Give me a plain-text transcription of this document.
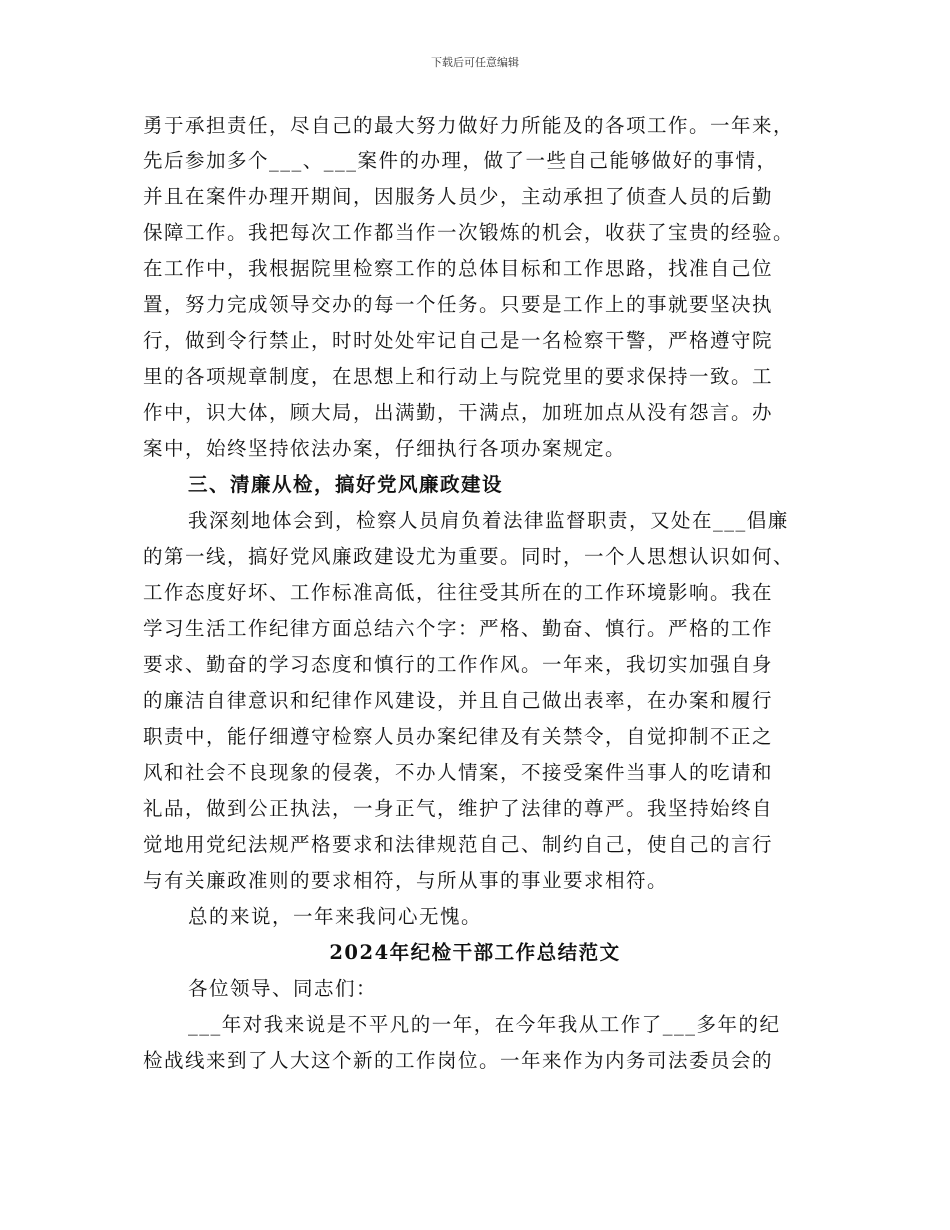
下载后可任意编辑
勇于承担责任，尽自己的最大努力做好力所能及的各项工作。一年来，
先后参加多个___、___案件的办理，做了一些自己能够做好的事情，
并且在案件办理开期间，因服务人员少，主动承担了侦查人员的后勤
保障工作。我把每次工作都当作一次锻炼的机会，收获了宝贵的经验。
在工作中，我根据院里检察工作的总体目标和工作思路，找准自己位
置，努力完成领导交办的每一个任务。只要是工作上的事就要坚决执
行，做到令行禁止，时时处处牢记自己是一名检察干警，严格遵守院
里的各项规章制度，在思想上和行动上与院党里的要求保持一致。工
作中，识大体，顾大局，出满勤，干满点，加班加点从没有怨言。办
案中，始终坚持依法办案，仔细执行各项办案规定。
三、清廉从检，搞好党风廉政建设
我深刻地体会到，检察人员肩负着法律监督职责，又处在___倡廉
的第一线，搞好党风廉政建设尤为重要。同时，一个人思想认识如何、
工作态度好坏、工作标准高低，往往受其所在的工作环境影响。我在
学习生活工作纪律方面总结六个字：严格、勤奋、慎行。严格的工作
要求、勤奋的学习态度和慎行的工作作风。一年来，我切实加强自身
的廉洁自律意识和纪律作风建设，并且自己做出表率，在办案和履行
职责中，能仔细遵守检察人员办案纪律及有关禁令，自觉抑制不正之
风和社会不良现象的侵袭，不办人情案，不接受案件当事人的吃请和
礼品，做到公正执法，一身正气，维护了法律的尊严。我坚持始终自
觉地用党纪法规严格要求和法律规范自己、制约自己，使自己的言行
与有关廉政准则的要求相符，与所从事的事业要求相符。
总的来说，一年来我问心无愧。
2024年纪检干部工作总结范文
各位领导、同志们：
___年对我来说是不平凡的一年，在今年我从工作了___多年的纪
检战线来到了人大这个新的工作岗位。一年来作为内务司法委员会的
